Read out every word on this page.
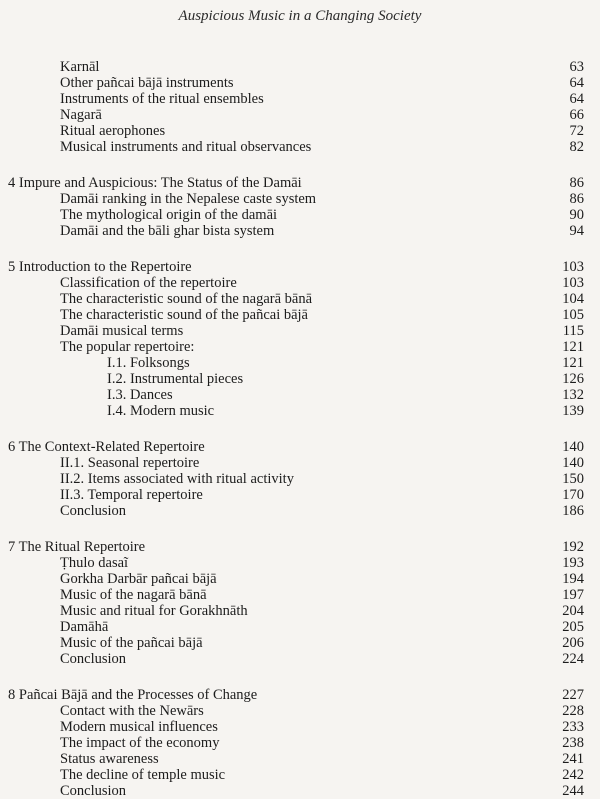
Auspicious Music in a Changing Society
Karnāl	63
Other pañcai bājā instruments	64
Instruments of the ritual ensembles	64
Nagarā	66
Ritual aerophones	72
Musical instruments and ritual observances	82
4 Impure and Auspicious: The Status of the Damāi	86
Damāi ranking in the Nepalese caste system	86
The mythological origin of the damāi	90
Damāi and the bāli ghar bista system	94
5 Introduction to the Repertoire	103
Classification of the repertoire	103
The characteristic sound of the nagarā bānā	104
The characteristic sound of the pañcai bājā	105
Damāi musical terms	115
The popular repertoire:	121
I.1. Folksongs	121
I.2. Instrumental pieces	126
I.3. Dances	132
I.4. Modern music	139
6 The Context-Related Repertoire	140
II.1. Seasonal repertoire	140
II.2. Items associated with ritual activity	150
II.3. Temporal repertoire	170
Conclusion	186
7 The Ritual Repertoire	192
Ṭhulo dasaĩ	193
Gorkha Darbār pañcai bājā	194
Music of the nagarā bānā	197
Music and ritual for Gorakhnāth	204
Damāhā	205
Music of the pañcai bājā	206
Conclusion	224
8 Pañcai Bājā and the Processes of Change	227
Contact with the Newārs	228
Modern musical influences	233
The impact of the economy	238
Status awareness	241
The decline of temple music	242
Conclusion	244
